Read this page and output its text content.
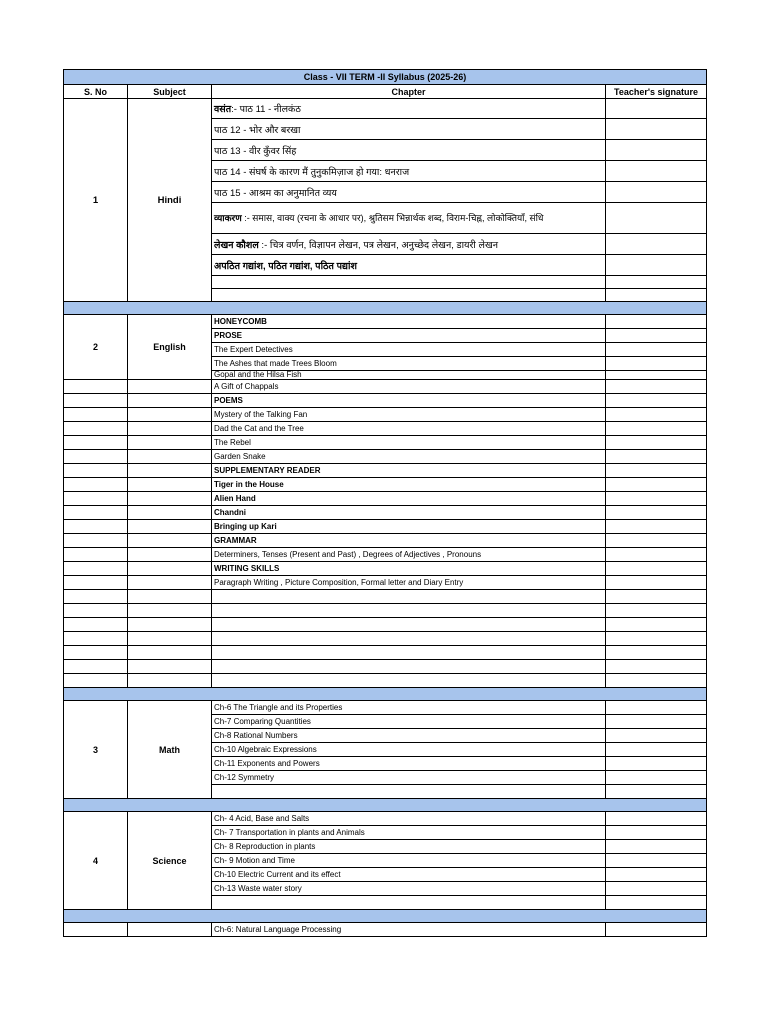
Class - VII TERM -II Syllabus (2025-26)			
S. No	Subject	Chapter	Teacher's signature
1	Hindi	वसंत:- पाठ 11 - नीलकंठ	
		पाठ 12 - भोर और बरखा	
		पाठ 13 - वीर कुँवर सिंह	
		पाठ 14 - संघर्ष के कारण मैं तुनुकमिज़ाज हो गया: धनराज	
		पाठ 15 - आश्रम का अनुमानित व्यय	
		व्याकरण :- समास, वाक्य (रचना के आधार पर), श्रुतिसम भिन्नार्थक शब्द, विराम-चिह्न, लोकोक्तियाँ, संधि	
		लेखन कौशल :- चित्र वर्णन, विज्ञापन लेखन, पत्र लेखन, अनुच्छेद लेखन, डायरी लेखन	
		अपठित गद्यांश, पठित गद्यांश, पठित पद्यांश	

2	English	HONEYCOMB	
		PROSE	
		The Expert Detectives	
		The Ashes that made Trees Bloom	
		Gopal and the Hilsa Fish	
		A Gift of Chappals	
		POEMS	
		Mystery of the Talking Fan	
		Dad the Cat and the Tree	
		The Rebel	
		Garden Snake	
		SUPPLEMENTARY READER	
		Tiger in the House	
		Alien Hand	
		Chandni	
		Bringing up Kari	
		GRAMMAR	
		Determiners, Tenses (Present and Past) , Degrees of Adjectives , Pronouns	
		WRITING SKILLS	
		Paragraph Writing , Picture Composition, Formal letter and Diary Entry	

3	Math	Ch-6 The Triangle and its Properties	
		Ch-7 Comparing Quantities	
		Ch-8 Rational Numbers	
		Ch-10 Algebraic Expressions	
		Ch-11 Exponents and Powers	
		Ch-12 Symmetry	

4	Science	Ch- 4 Acid, Base and Salts	
		Ch- 7 Transportation in plants and Animals	
		Ch- 8 Reproduction in plants	
		Ch- 9 Motion and Time	
		Ch-10 Electric Current and its effect	
		Ch-13 Waste water story	

		Ch-6: Natural Language Processing	
